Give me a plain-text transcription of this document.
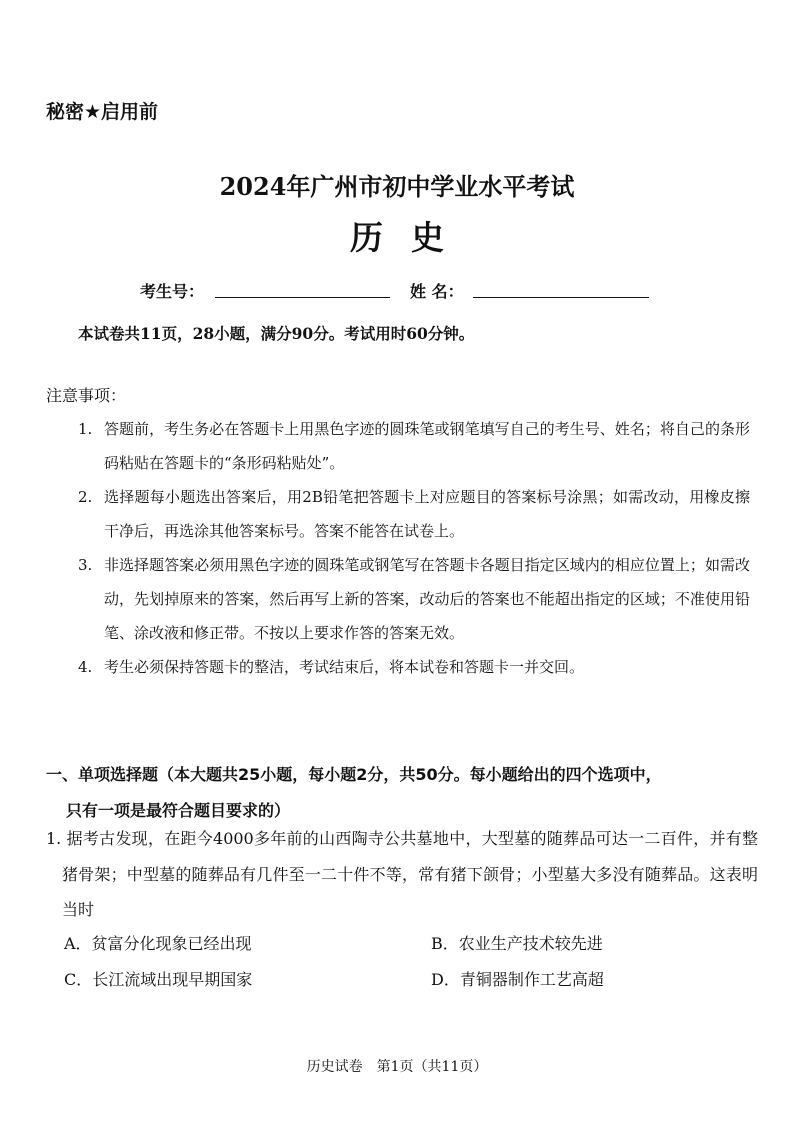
秘密★启用前
2024年广州市初中学业水平考试
历史
考生号：	姓 名：
本试卷共11页，28小题，满分90分。考试用时60分钟。
注意事项：
1. 答题前，考生务必在答题卡上用黑色字迹的圆珠笔或钢笔填写自己的考生号、姓名；将自己的条形码粘贴在答题卡的“条形码粘贴处”。
2. 选择题每小题选出答案后，用2B铅笔把答题卡上对应题目的答案标号涂黑；如需改动，用橡皮擦干净后，再选涂其他答案标号。答案不能答在试卷上。
3. 非选择题答案必须用黑色字迹的圆珠笔或钢笔写在答题卡各题目指定区域内的相应位置上；如需改动，先划掉原来的答案，然后再写上新的答案，改动后的答案也不能超出指定的区域；不准使用铅笔、涂改液和修正带。不按以上要求作答的答案无效。
4. 考生必须保持答题卡的整洁，考试结束后，将本试卷和答题卡一并交回。
一、单项选择题（本大题共25小题，每小题2分，共50分。每小题给出的四个选项中，
只有一项是最符合题目要求的）
1. 据考古发现，在距今4000多年前的山西陶寺公共墓地中，大型墓的随葬品可达一二百件，并有整猪骨架；中型墓的随葬品有几件至一二十件不等，常有猪下颌骨；小型墓大多没有随葬品。这表明当时
A．贫富分化现象已经出现	B．农业生产技术较先进
C．长江流域出现早期国家	D．青铜器制作工艺高超
历史试卷　第1页（共11页）
